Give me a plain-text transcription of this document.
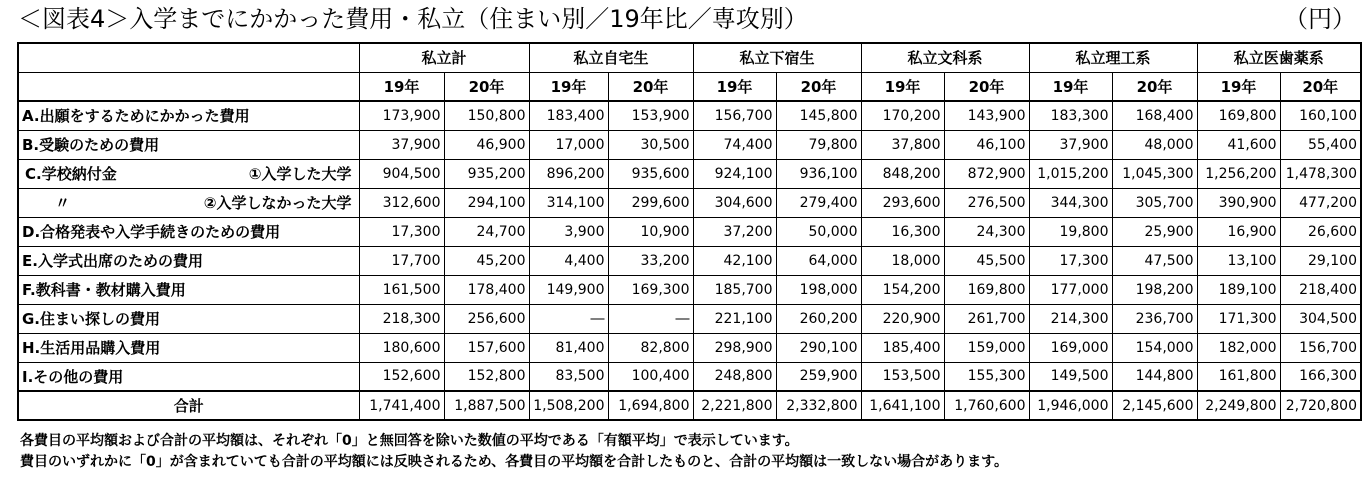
＜図表4＞入学までにかかった費用・私立（住まい別／19年比／専攻別）	（円）
	私立計		私立自宅生		私立下宿生		私立文科系		私立理工系		私立医歯薬系	
	19年	20年	19年	20年	19年	20年	19年	20年	19年	20年	19年	20年
A.出願をするためにかかった費用	173,900	150,800	183,400	153,900	156,700	145,800	170,200	143,900	183,300	168,400	169,800	160,100
B.受験のための費用	37,900	46,900	17,000	30,500	74,400	79,800	37,800	46,100	37,900	48,000	41,600	55,400

C.学校納付金 ①入学した大学	904,500	935,200	896,200	935,600	924,100	936,100	848,200	872,900	1,015,200	1,045,300	1,256,200	1,478,300

〃 ②入学しなかった大学	312,600	294,100	314,100	299,600	304,600	279,400	293,600	276,500	344,300	305,700	390,900	477,200
D.合格発表や入学手続きのための費用	17,300	24,700	3,900	10,900	37,200	50,000	16,300	24,300	19,800	25,900	16,900	26,600
E.入学式出席のための費用	17,700	45,200	4,400	33,200	42,100	64,000	18,000	45,500	17,300	47,500	13,100	29,100
F.教科書・教材購入費用	161,500	178,400	149,900	169,300	185,700	198,000	154,200	169,800	177,000	198,200	189,100	218,400
G.住まい探しの費用	218,300	256,600	―	―	221,100	260,200	220,900	261,700	214,300	236,700	171,300	304,500
H.生活用品購入費用	180,600	157,600	81,400	82,800	298,900	290,100	185,400	159,000	169,000	154,000	182,000	156,700
I.その他の費用	152,600	152,800	83,500	100,400	248,800	259,900	153,500	155,300	149,500	144,800	161,800	166,300
合計	1,741,400	1,887,500	1,508,200	1,694,800	2,221,800	2,332,800	1,641,100	1,760,600	1,946,000	2,145,600	2,249,800	2,720,800
各費目の平均額および合計の平均額は、それぞれ「0」と無回答を除いた数値の平均である「有額平均」で表示しています。
費目のいずれかに「0」が含まれていても合計の平均額には反映されるため、各費目の平均額を合計したものと、合計の平均額は一致しない場合があります。
